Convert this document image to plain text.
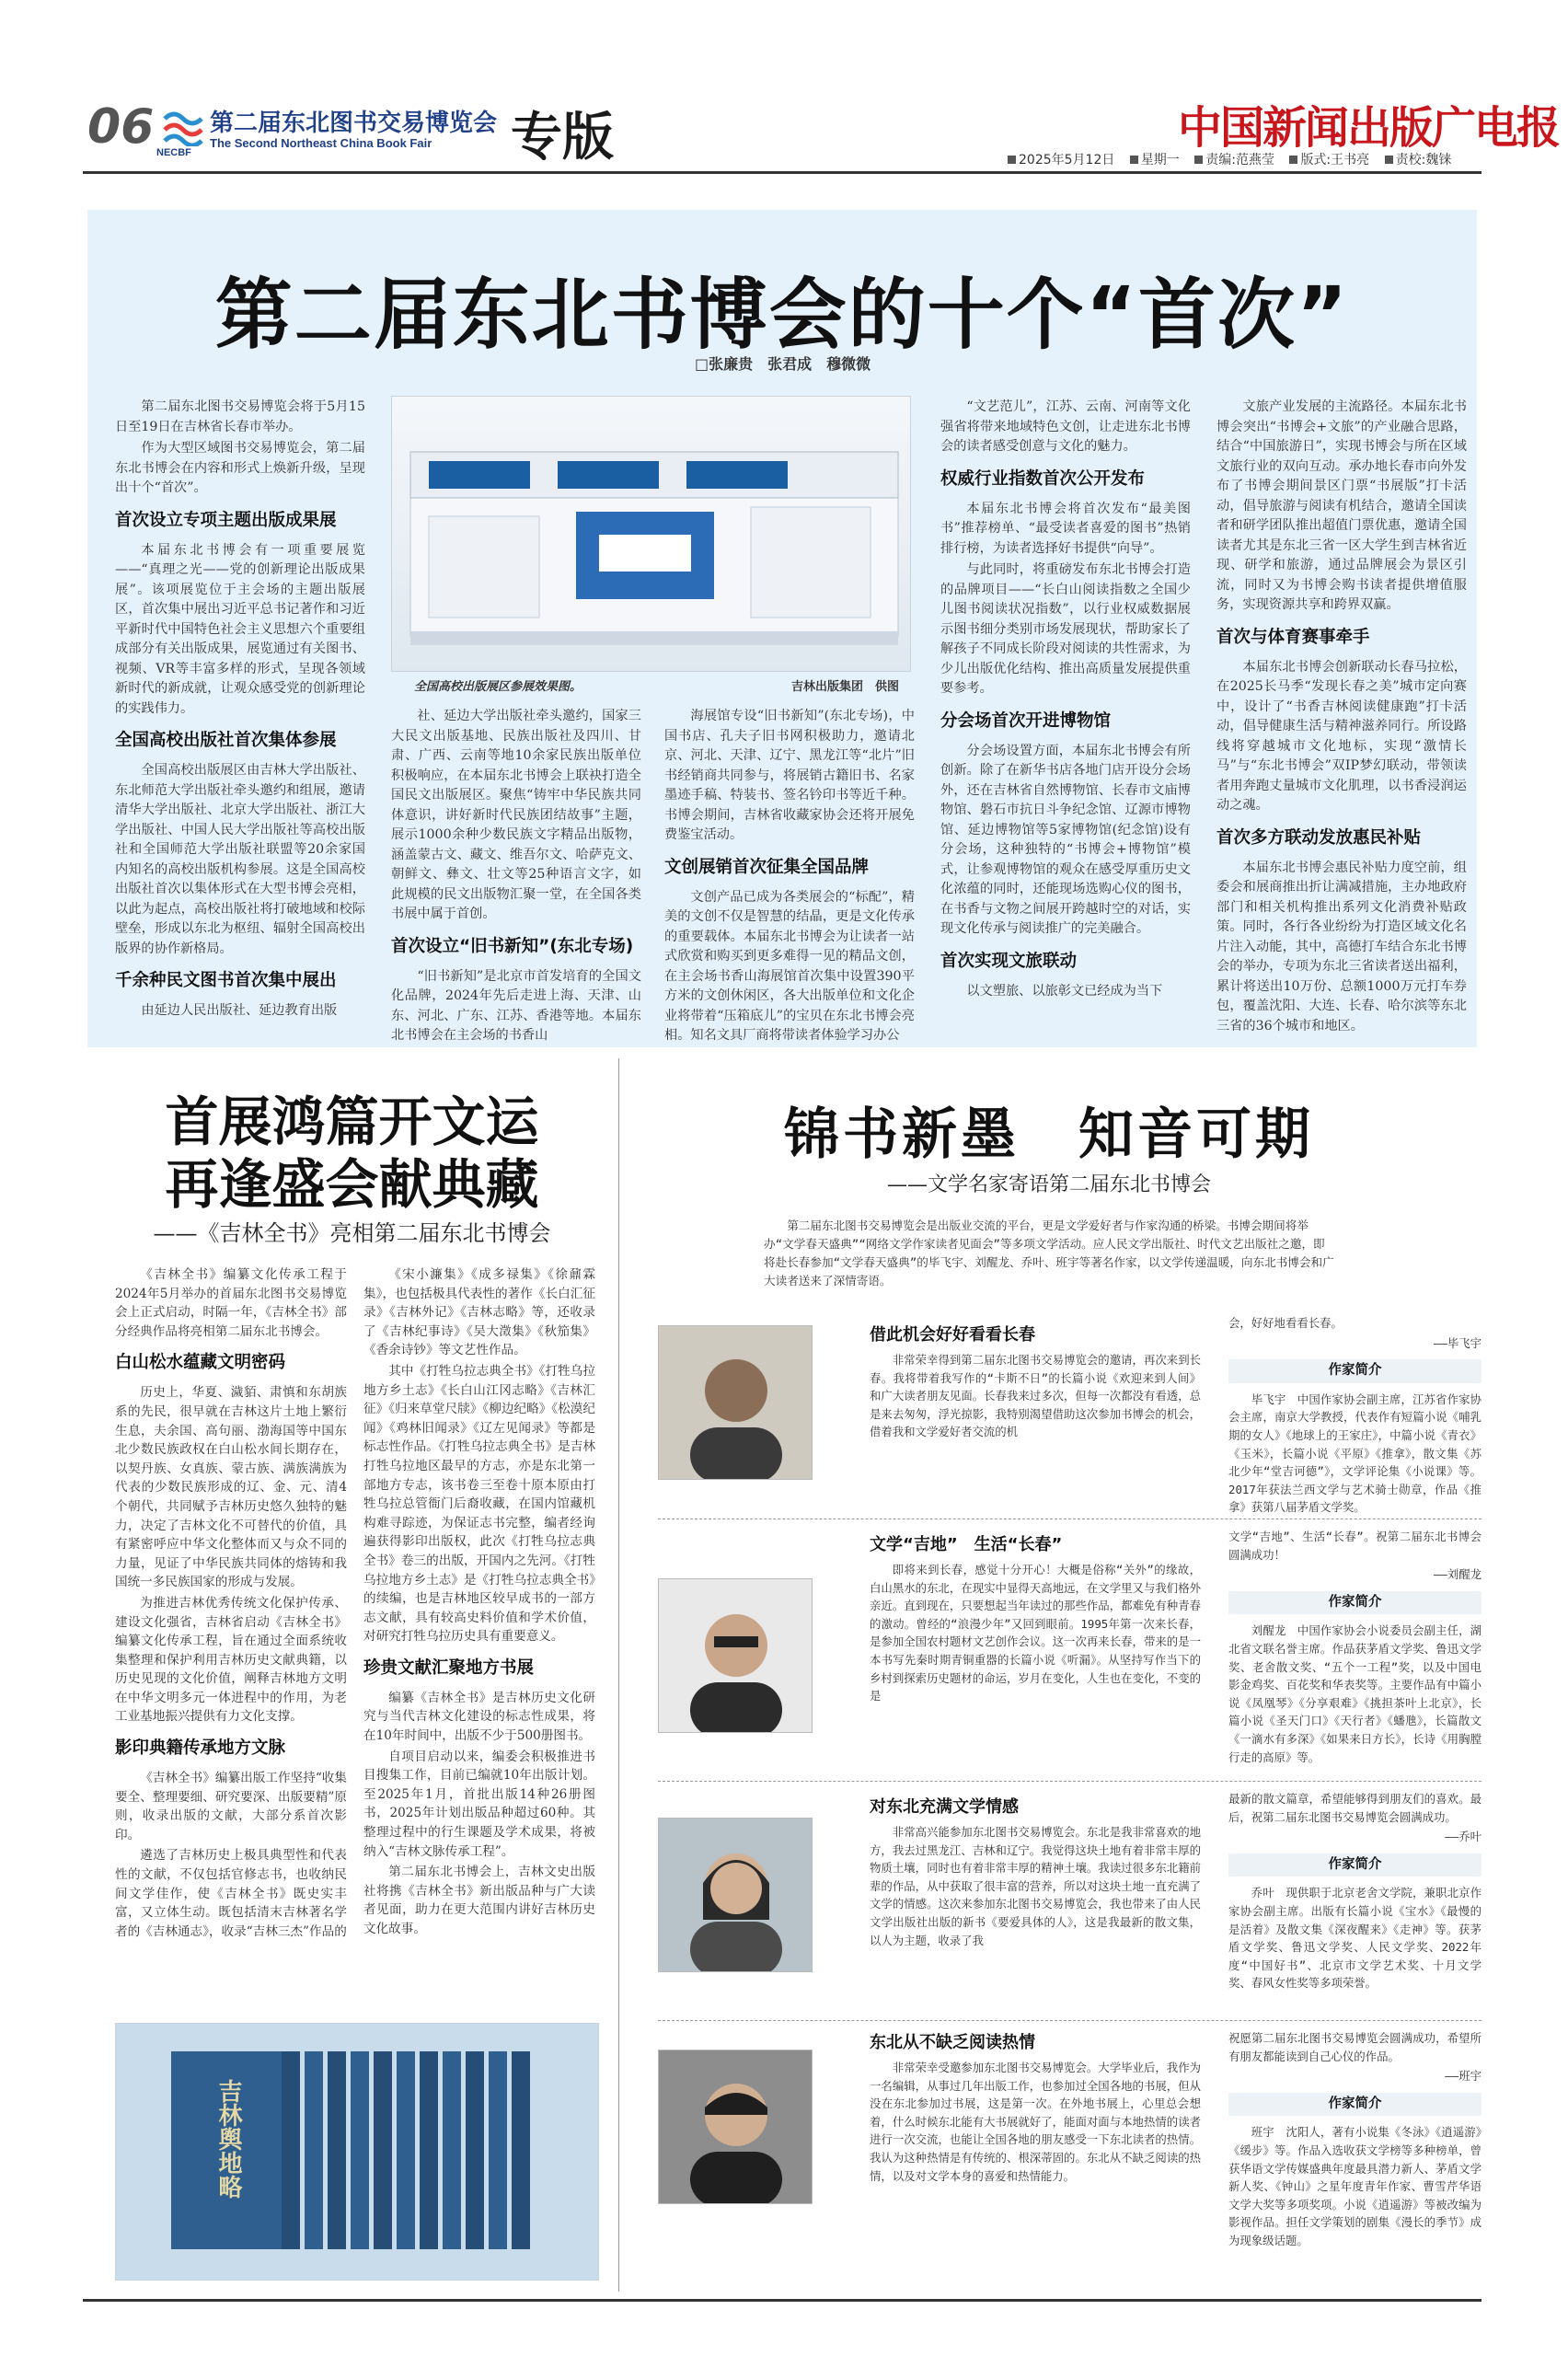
06 NECBF
第二届东北图书交易博览会
The Second Northeast China Book Fair 专版	中国新闻出版广电报
2025年5月12日 星期一 责编:范燕莹 版式:王书亮 责校:魏铼
第二届东北书博会的十个“首次”
□张廉贵　张君成　穆微微
全国高校出版展区参展效果图。	吉林出版集团　供图

第二届东北图书交易博览会将于5月15日至19日在吉林省长春市举办。

作为大型区域图书交易博览会，第二届东北书博会在内容和形式上焕新升级，呈现出十个“首次”。

首次设立专项主题出版成果展

本届东北书博会有一项重要展览——“真理之光——党的创新理论出版成果展”。该项展览位于主会场的主题出版展区，首次集中展出习近平总书记著作和习近平新时代中国特色社会主义思想六个重要组成部分有关出版成果，展览通过有关图书、视频、VR等丰富多样的形式，呈现各领域新时代的新成就，让观众感受党的创新理论的实践伟力。

全国高校出版社首次集体参展

全国高校出版展区由吉林大学出版社、东北师范大学出版社牵头邀约和组展，邀请清华大学出版社、北京大学出版社、浙江大学出版社、中国人民大学出版社等高校出版社和全国师范大学出版社联盟等20余家国内知名的高校出版机构参展。这是全国高校出版社首次以集体形式在大型书博会亮相，以此为起点，高校出版社将打破地域和校际壁垒，形成以东北为枢纽、辐射全国高校出版界的协作新格局。

千余种民文图书首次集中展出

由延边人民出版社、延边教育出版

社、延边大学出版社牵头邀约，国家三大民文出版基地、民族出版社及四川、甘肃、广西、云南等地10余家民族出版单位积极响应，在本届东北书博会上联袂打造全国民文出版展区。聚焦“铸牢中华民族共同体意识，讲好新时代民族团结故事”主题，展示1000余种少数民族文字精品出版物，涵盖蒙古文、藏文、维吾尔文、哈萨克文、朝鲜文、彝文、壮文等25种语言文字，如此规模的民文出版物汇聚一堂，在全国各类书展中属于首创。

首次设立“旧书新知”(东北专场)

“旧书新知”是北京市首发培育的全国文化品牌，2024年先后走进上海、天津、山东、河北、广东、江苏、香港等地。本届东北书博会在主会场的书香山

海展馆专设“旧书新知”(东北专场)，中国书店、孔夫子旧书网积极助力，邀请北京、河北、天津、辽宁、黑龙江等“北片”旧书经销商共同参与，将展销古籍旧书、名家墨迹手稿、特装书、签名钤印书等近千种。书博会期间，吉林省收藏家协会还将开展免费鉴宝活动。

文创展销首次征集全国品牌

文创产品已成为各类展会的“标配”，精美的文创不仅是智慧的结晶，更是文化传承的重要载体。本届东北书博会为让读者一站式欣赏和购买到更多难得一见的精品文创，在主会场书香山海展馆首次集中设置390平方米的文创休闲区，各大出版单位和文化企业将带着“压箱底儿”的宝贝在东北书博会亮相。知名文具厂商将带读者体验学习办公

“文艺范儿”，江苏、云南、河南等文化强省将带来地域特色文创，让走进东北书博会的读者感受创意与文化的魅力。

权威行业指数首次公开发布

本届东北书博会将首次发布“最美图书”推荐榜单、“最受读者喜爱的图书”热销排行榜，为读者选择好书提供“向导”。

与此同时，将重磅发布东北书博会打造的品牌项目——“长白山阅读指数之全国少儿图书阅读状况指数”，以行业权威数据展示图书细分类别市场发展现状，帮助家长了解孩子不同成长阶段对阅读的共性需求，为少儿出版优化结构、推出高质量发展提供重要参考。

分会场首次开进博物馆

分会场设置方面，本届东北书博会有所创新。除了在新华书店各地门店开设分会场外，还在吉林省自然博物馆、长春市文庙博物馆、磐石市抗日斗争纪念馆、辽源市博物馆、延边博物馆等5家博物馆(纪念馆)设有分会场，这种独特的“书博会+博物馆”模式，让参观博物馆的观众在感受厚重历史文化浓蕴的同时，还能现场选购心仪的图书，在书香与文物之间展开跨越时空的对话，实现文化传承与阅读推广的完美融合。

首次实现文旅联动

以文塑旅、以旅彰文已经成为当下

文旅产业发展的主流路径。本届东北书博会突出“书博会+文旅”的产业融合思路，结合“中国旅游日”，实现书博会与所在区域文旅行业的双向互动。承办地长春市向外发布了书博会期间景区门票“书展版”打卡活动，倡导旅游与阅读有机结合，邀请全国读者和研学团队推出超值门票优惠，邀请全国读者尤其是东北三省一区大学生到吉林省近现、研学和旅游，通过品牌展会为景区引流，同时又为书博会购书读者提供增值服务，实现资源共享和跨界双赢。

首次与体育赛事牵手

本届东北书博会创新联动长春马拉松，在2025长马季“发现长春之美”城市定向赛中，设计了“书香吉林阅读健康跑”打卡活动，倡导健康生活与精神滋养同行。所设路线将穿越城市文化地标，实现“激情长马”与“东北书博会”双IP梦幻联动，带领读者用奔跑丈量城市文化肌理，以书香浸润运动之魂。

首次多方联动发放惠民补贴

本届东北书博会惠民补贴力度空前，组委会和展商推出折让满减措施，主办地政府部门和相关机构推出系列文化消费补贴政策。同时，各行各业纷纷为打造区域文化名片注入动能，其中，高德打车结合东北书博会的举办，专项为东北三省读者送出福利，累计将送出10万份、总额1000万元打车券包，覆盖沈阳、大连、长春、哈尔滨等东北三省的36个城市和地区。

首展鸿篇开文运
再逢盛会献典藏
——《吉林全书》亮相第二届东北书博会

《吉林全书》编纂文化传承工程于2024年5月举办的首届东北图书交易博览会上正式启动，时隔一年，《吉林全书》部分经典作品将亮相第二届东北书博会。

白山松水蕴藏文明密码

历史上，华夏、濊貊、肃慎和东胡族系的先民，很早就在吉林这片土地上繁衍生息，夫余国、高句丽、渤海国等中国东北少数民族政权在白山松水间长期存在，以契丹族、女真族、蒙古族、满族满族为代表的少数民族形成的辽、金、元、清4个朝代，共同赋予吉林历史悠久独特的魅力，决定了吉林文化不可替代的价值，具有紧密呼应中华文化整体而又与众不同的力量，见证了中华民族共同体的熔铸和我国统一多民族国家的形成与发展。

为推进吉林优秀传统文化保护传承、建设文化强省，吉林省启动《吉林全书》编纂文化传承工程，旨在通过全面系统收集整理和保护利用吉林历史文献典籍，以历史见现的文化价值，阐释吉林地方文明在中华文明多元一体进程中的作用，为老工业基地振兴提供有力文化支撑。

影印典籍传承地方文脉

《吉林全书》编纂出版工作坚持“收集要全、整理要细、研究要深、出版要精”原则，收录出版的文献，大部分系首次影印。

遴选了吉林历史上极具典型性和代表性的文献，不仅包括官修志书，也收纳民间文学佳作，使《吉林全书》既史实丰富，又立体生动。既包括清末吉林著名学者的《吉林通志》，收录“吉林三杰”作品的

《宋小濂集》《成多禄集》《徐鼐霖集》，也包括极具代表性的著作《长白汇征录》《吉林外记》《吉林志略》等，还收录了《吉林纪事诗》《吴大澂集》《秋笳集》《香余诗钞》等文艺性作品。

其中《打牲乌拉志典全书》《打牲乌拉地方乡土志》《长白山江冈志略》《吉林汇征》《归来草堂尺牍》《柳边纪略》《松漠纪闻》《鸡林旧闻录》《辽左见闻录》等都是标志性作品。《打牲乌拉志典全书》是吉林打牲乌拉地区最早的方志，亦是东北第一部地方专志，该书卷三至卷十原本原由打牲乌拉总管衙门后裔收藏，在国内馆藏机构难寻踪迹，为保证志书完整，编者经询遍获得影印出版权，此次《打牲乌拉志典全书》卷三的出版，开国内之先河。《打牲乌拉地方乡土志》是《打牲乌拉志典全书》的续编，也是吉林地区较早成书的一部方志文献，具有较高史料价值和学术价值，对研究打牲乌拉历史具有重要意义。

珍贵文献汇聚地方书展

编纂《吉林全书》是吉林历史文化研究与当代吉林文化建设的标志性成果，将在10年时间中，出版不少于500册图书。

自项目启动以来，编委会积极推进书目搜集工作，目前已编就10年出版计划。至2025年1月，首批出版14种26册图书，2025年计划出版品种超过60种。其整理过程中的行生课题及学术成果，将被纳入“吉林文脉传承工程”。

第二届东北书博会上，吉林文史出版社将携《吉林全书》新出版品种与广大读者见面，助力在更大范围内讲好吉林历史文化故事。

吉林舆地略
锦书新墨　知音可期
——文学名家寄语第二届东北书博会
第二届东北图书交易博览会是出版业交流的平台，更是文学爱好者与作家沟通的桥梁。书博会期间将举办“文学春天盛典”“网络文学作家读者见面会”等多项文学活动。应人民文学出版社、时代文艺出版社之邀，即将赴长春参加“文学春天盛典”的毕飞宇、刘醒龙、乔叶、班宇等著名作家，以文学传递温暖，向东北书博会和广大读者送来了深情寄语。
借此机会好好看看长春

非常荣幸得到第二届东北图书交易博览会的邀请，再次来到长春。我将带着我写作的“卡斯不日”的长篇小说《欢迎来到人间》和广大读者朋友见面。长春我来过多次，但每一次都没有看透，总是来去匆匆，浮光掠影，我特别渴望借助这次参加书博会的机会，借着我和文学爱好者交流的机

会，好好地看看长春。
——毕飞宇
作家简介

毕飞宇　中国作家协会副主席，江苏省作家协会主席，南京大学教授，代表作有短篇小说《哺乳期的女人》《地球上的王家庄》，中篇小说《青衣》《玉米》，长篇小说《平原》《推拿》，散文集《苏北少年“堂吉诃德”》，文学评论集《小说课》等。2017年获法兰西文学与艺术骑士勋章，作品《推拿》获第八届茅盾文学奖。

文学“吉地”　生活“长春”

即将来到长春，感觉十分开心！大概是俗称“关外”的缘故，白山黑水的东北，在现实中显得天高地远，在文学里又与我们格外亲近。直到现在，只要想起当年读过的那些作品，都难免有种青春的激动。曾经的“浪漫少年”又回到眼前。1995年第一次来长春，是参加全国农村题材文艺创作会议。这一次再来长春，带来的是一本书写先秦时期青铜重器的长篇小说《听漏》。从坚持写作当下的乡村到探索历史题材的命运，岁月在变化，人生也在变化，不变的是

文学“吉地”、生活“长春”。祝第二届东北书博会圆满成功！
——刘醒龙
作家简介

刘醒龙　中国作家协会小说委员会副主任，湖北省文联名誉主席。作品获茅盾文学奖、鲁迅文学奖、老舍散文奖、“五个一工程”奖，以及中国电影金鸡奖、百花奖和华表奖等。主要作品有中篇小说《凤凰琴》《分享艰难》《挑担茶叶上北京》，长篇小说《圣天门口》《天行者》《蟠虺》，长篇散文《一滴水有多深》《如果来日方长》，长诗《用胸膛行走的高原》等。

对东北充满文学情感

非常高兴能参加东北图书交易博览会。东北是我非常喜欢的地方，我去过黑龙江、吉林和辽宁。我觉得这块土地有着非常丰厚的物质土壤，同时也有着非常丰厚的精神土壤。我读过很多东北籍前辈的作品，从中获取了很丰富的营养，所以对这块土地一直充满了文学的情感。这次来参加东北图书交易博览会，我也带来了由人民文学出版社出版的新书《要爱具体的人》，这是我最新的散文集，以人为主题，收录了我

最新的散文篇章，希望能够得到朋友们的喜欢。最后，祝第二届东北图书交易博览会圆满成功。
——乔叶
作家简介

乔叶　现供职于北京老舍文学院，兼职北京作家协会副主席。出版有长篇小说《宝水》《最慢的是活着》及散文集《深夜醒来》《走神》等。获茅盾文学奖、鲁迅文学奖、人民文学奖、2022年度“中国好书”、北京市文学艺术奖、十月文学奖、春风女性奖等多项荣誉。

东北从不缺乏阅读热情

非常荣幸受邀参加东北图书交易博览会。大学毕业后，我作为一名编辑，从事过几年出版工作，也参加过全国各地的书展，但从没在东北参加过书展，这是第一次。在外地书展上，心里总会想着，什么时候东北能有大书展就好了，能面对面与本地热情的读者进行一次交流，也能让全国各地的朋友感受一下东北读者的热情。我认为这种热情是有传统的、根深蒂固的。东北从不缺乏阅读的热情，以及对文学本身的喜爱和热情能力。

祝愿第二届东北图书交易博览会圆满成功，希望所有朋友都能读到自己心仪的作品。
——班宇
作家简介

班宇　沈阳人，著有小说集《冬泳》《逍遥游》《缓步》等。作品入选收获文学榜等多种榜单，曾获华语文学传媒盛典年度最具潜力新人、茅盾文学新人奖、《钟山》之星年度青年作家、曹雪芹华语文学大奖等多项奖项。小说《逍遥游》等被改编为影视作品。担任文学策划的剧集《漫长的季节》成为现象级话题。
